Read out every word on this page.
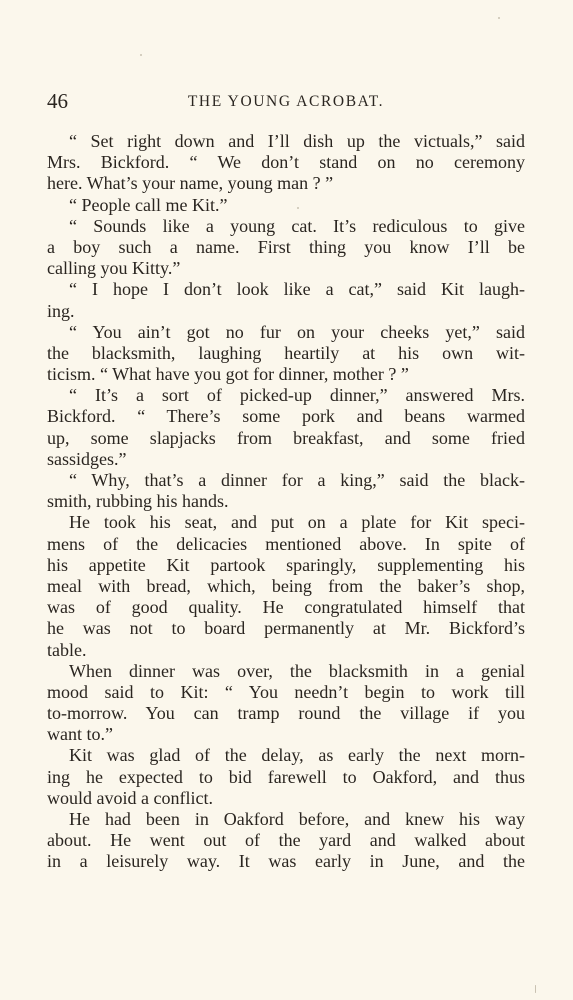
46	THE YOUNG ACROBAT.
“ Set right down and I’ll dish up the victuals,” said
Mrs. Bickford. “ We don’t stand on no ceremony
here. What’s your name, young man ? ”
“ People call me Kit.”
“ Sounds like a young cat. It’s rediculous to give
a boy such a name. First thing you know I’ll be
calling you Kitty.”
“ I hope I don’t look like a cat,” said Kit laugh-
ing.
“ You ain’t got no fur on your cheeks yet,” said
the blacksmith, laughing heartily at his own wit-
ticism. “ What have you got for dinner, mother ? ”
“ It’s a sort of picked-up dinner,” answered Mrs.
Bickford. “ There’s some pork and beans warmed
up, some slapjacks from breakfast, and some fried
sassidges.”
“ Why, that’s a dinner for a king,” said the black-
smith, rubbing his hands.
He took his seat, and put on a plate for Kit speci-
mens of the delicacies mentioned above. In spite of
his appetite Kit partook sparingly, supplementing his
meal with bread, which, being from the baker’s shop,
was of good quality. He congratulated himself that
he was not to board permanently at Mr. Bickford’s
table.
When dinner was over, the blacksmith in a genial
mood said to Kit: “ You needn’t begin to work till
to-morrow. You can tramp round the village if you
want to.”
Kit was glad of the delay, as early the next morn-
ing he expected to bid farewell to Oakford, and thus
would avoid a conflict.
He had been in Oakford before, and knew his way
about. He went out of the yard and walked about
in a leisurely way. It was early in June, and the
